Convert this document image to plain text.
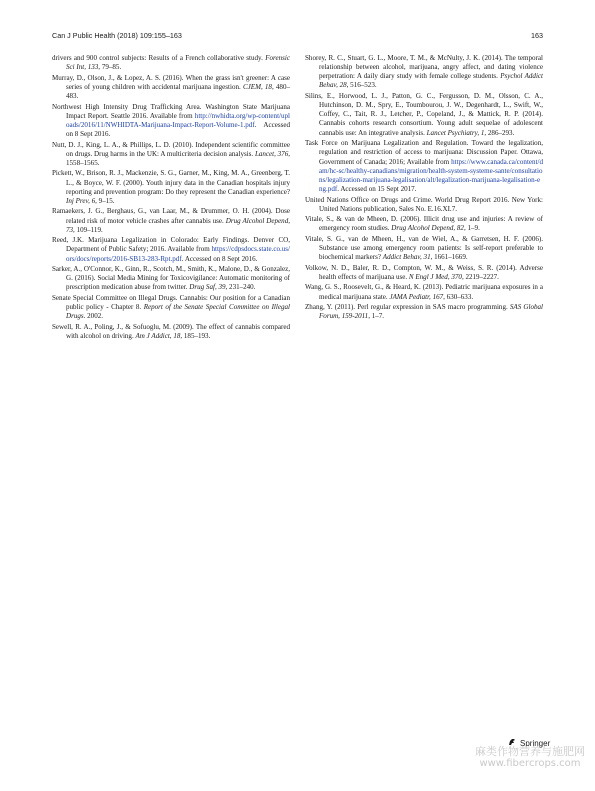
Can J Public Health (2018) 109:155–163	163
drivers and 900 control subjects: Results of a French collaborative study. Forensic Sci Int, 133, 79–85.
Murray, D., Olson, J., & Lopez, A. S. (2016). When the grass isn't greener: A case series of young children with accidental marijuana ingestion. CJEM, 18, 480–483.
Northwest High Intensity Drug Trafficking Area. Washington State Marijuana Impact Report. Seattle 2016. Available from http://nwhidta.org/wp-content/uploads/2016/11/NWHIDTA-Marijuana-Impact-Report-Volume-1.pdf. Accessed on 8 Sept 2016.
Nutt, D. J., King, L. A., & Phillips, L. D. (2010). Independent scientific committee on drugs. Drug harms in the UK: A multicriteria decision analysis. Lancet, 376, 1558–1565.
Pickett, W., Brison, R. J., Mackenzie, S. G., Garner, M., King, M. A., Greenberg, T. L., & Boyce, W. F. (2000). Youth injury data in the Canadian hospitals injury reporting and prevention program: Do they represent the Canadian experience? Inj Prev, 6, 9–15.
Ramaekers, J. G., Berghaus, G., van Laar, M., & Drummer, O. H. (2004). Dose related risk of motor vehicle crashes after cannabis use. Drug Alcohol Depend, 73, 109–119.
Reed, J.K. Marijuana Legalization in Colorado: Early Findings. Denver CO, Department of Public Safety; 2016. Available from https://cdpsdocs.state.co.us/ors/docs/reports/2016-SB13-283-Rpt.pdf. Accessed on 8 Sept 2016.
Sarker, A., O'Connor, K., Ginn, R., Scotch, M., Smith, K., Malone, D., & Gonzalez, G. (2016). Social Media Mining for Toxicovigilance: Automatic monitoring of prescription medication abuse from twitter. Drug Saf, 39, 231–240.
Senate Special Committee on Illegal Drugs. Cannabis: Our position for a Canadian public policy - Chapter 8. Report of the Senate Special Committee on Illegal Drugs. 2002.
Sewell, R. A., Poling, J., & Sofuoglu, M. (2009). The effect of cannabis compared with alcohol on driving. Am J Addict, 18, 185–193.
Shorey, R. C., Stuart, G. L., Moore, T. M., & McNulty, J. K. (2014). The temporal relationship between alcohol, marijuana, angry affect, and dating violence perpetration: A daily diary study with female college students. Psychol Addict Behav, 28, 516–523.
Silins, E., Horwood, L. J., Patton, G. C., Fergusson, D. M., Olsson, C. A., Hutchinson, D. M., Spry, E., Toumbourou, J. W., Degenhardt, L., Swift, W., Coffey, C., Tait, R. J., Letcher, P., Copeland, J., & Mattick, R. P. (2014). Cannabis cohorts research consortium. Young adult sequelae of adolescent cannabis use: An integrative analysis. Lancet Psychiatry, 1, 286–293.
Task Force on Marijuana Legalization and Regulation. Toward the legalization, regulation and restriction of access to marijuana: Discussion Paper. Ottawa, Government of Canada; 2016; Available from https://www.canada.ca/content/dam/hc-sc/healthy-canadians/migration/health-system-systeme-sante/consultations/legalization-marijuana-legalisation/alt/legalization-marijuana-legalisation-eng.pdf. Accessed on 15 Sept 2017.
United Nations Office on Drugs and Crime. World Drug Report 2016. New York: United Nations publication, Sales No. E.16.XI.7.
Vitale, S., & van de Mheen, D. (2006). Illicit drug use and injuries: A review of emergency room studies. Drug Alcohol Depend, 82, 1–9.
Vitale, S. G., van de Mheen, H., van de Wiel, A., & Garretsen, H. F. (2006). Substance use among emergency room patients: Is self-report preferable to biochemical markers? Addict Behav, 31, 1661–1669.
Volkow, N. D., Baler, R. D., Compton, W. M., & Weiss, S. R. (2014). Adverse health effects of marijuana use. N Engl J Med, 370, 2219–2227.
Wang, G. S., Roosevelt, G., & Heard, K. (2013). Pediatric marijuana exposures in a medical marijuana state. JAMA Pediatr, 167, 630–633.
Zhang, Y. (2011). Perl regular expression in SAS macro programming. SAS Global Forum, 159-2011, 1–7.
Springer
麻类作物营养与施肥网
www.fibercrops.com
